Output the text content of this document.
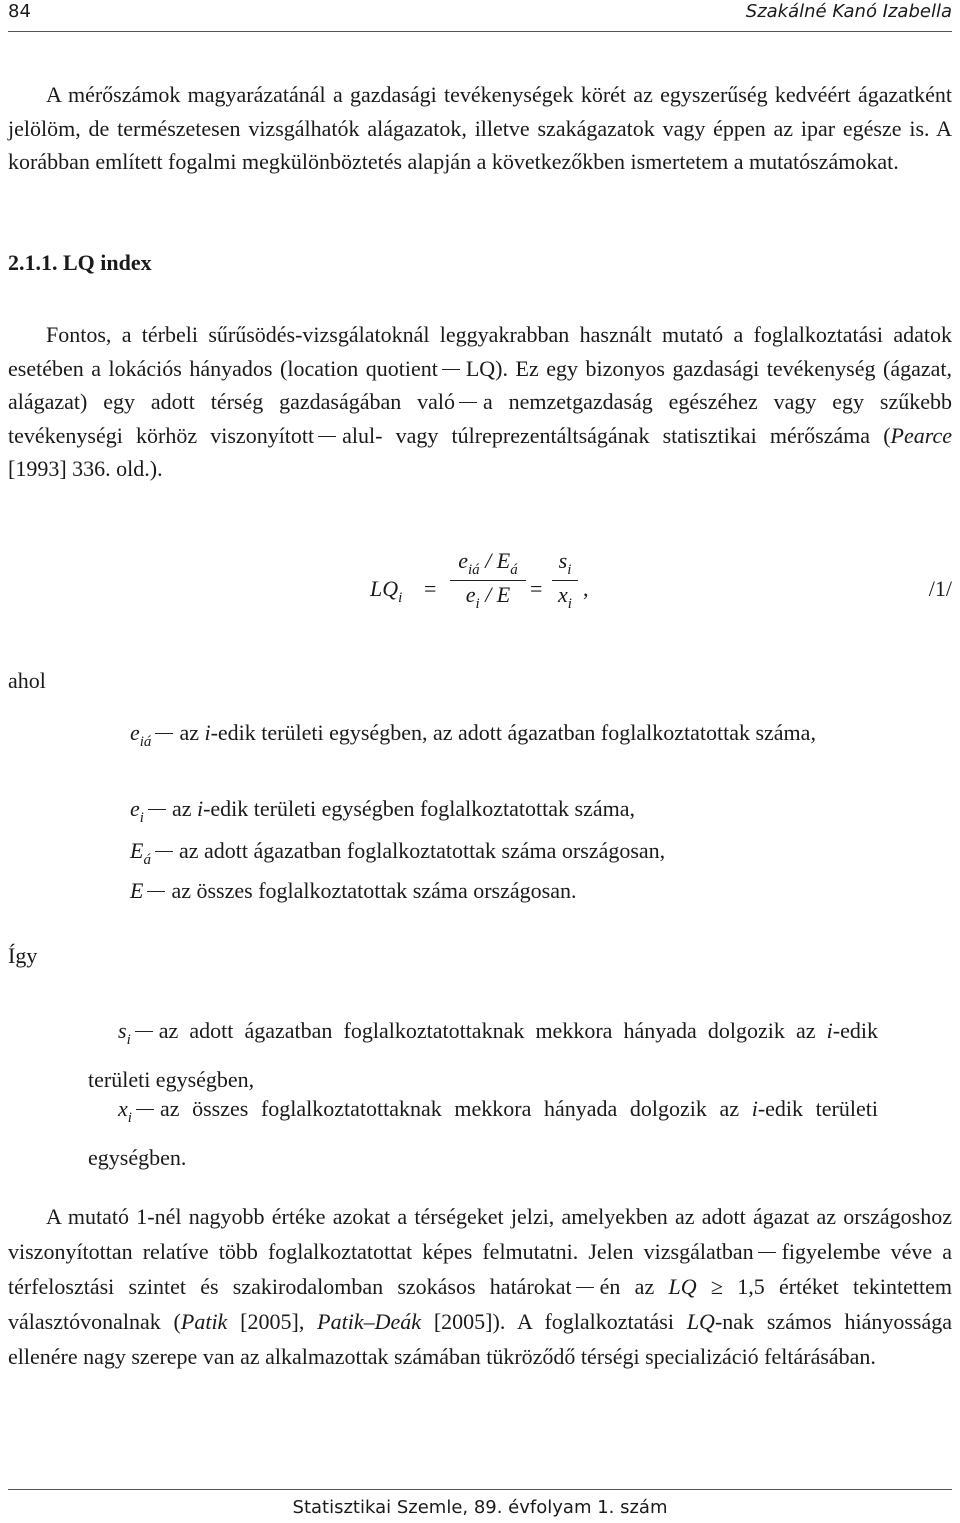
84	Szakálné Kanó Izabella
A mérőszámok magyarázatánál a gazdasági tevékenységek körét az egyszerűség kedvéért ágazatként jelölöm, de természetesen vizsgálhatók alágazatok, illetve szakágazatok vagy éppen az ipar egésze is. A korábban említett fogalmi megkülönböztetés alapján a következőkben ismertetem a mutatószámokat.
2.1.1. LQ index
Fontos, a térbeli sűrűsödés-vizsgálatoknál leggyakrabban használt mutató a foglalkoztatási adatok esetében a lokációs hányados (location quotient LQ). Ez egy bizonyos gazdasági tevékenység (ágazat, alágazat) egy adott térség gazdaságában való a nemzetgazdaság egészéhez vagy egy szűkebb tevékenységi körhöz viszonyított alul- vagy túlreprezentáltságának statisztikai mérőszáma (Pearce [1993] 336. old.).
$LQ_i$ =
$e_{iá} / E_á$
$e_i / E = \frac{s_i}{x_i}$ ,	/1/
ahol
$e_{iá}$ az i-edik területi egységben, az adott ágazatban foglalkoztatottak száma,
$e_i$ az i-edik területi egységben foglalkoztatottak száma,
$E_á$ az adott ágazatban foglalkoztatottak száma országosan,
E az összes foglalkoztatottak száma országosan.
Így
$s_i$ az adott ágazatban foglalkoztatottaknak mekkora hányada dolgozik az i-edik területi egységben,
$x_i$ az összes foglalkoztatottaknak mekkora hányada dolgozik az i-edik területi egységben.
A mutató 1-nél nagyobb értéke azokat a térségeket jelzi, amelyekben az adott ágazat az országoshoz viszonyítottan relatíve több foglalkoztatottat képes felmutatni. Jelen vizsgálatban figyelembe véve a térfelosztási szintet és szakirodalomban szokásos határokat én az LQ ≥ 1,5 értéket tekintettem választóvonalnak (Patik [2005], Patik–Deák [2005]). A foglalkoztatási LQ-nak számos hiányossága ellenére nagy szerepe van az alkalmazottak számában tükröződő térségi specializáció feltárásában.
Statisztikai Szemle, 89. évfolyam 1. szám
